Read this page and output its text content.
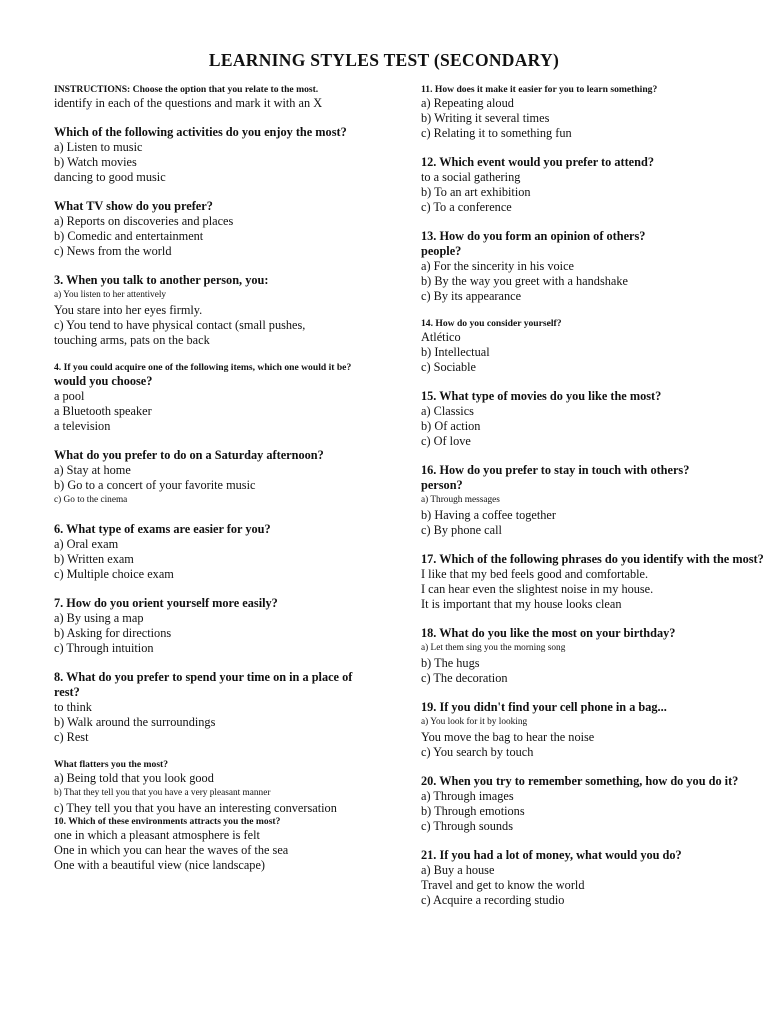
LEARNING STYLES TEST (SECONDARY)
INSTRUCTIONS: Choose the option that you relate to the most.
identify in each of the questions and mark it with an X
Which of the following activities do you enjoy the most?
a) Listen to music
b) Watch movies
dancing to good music
What TV show do you prefer?
a) Reports on discoveries and places
b) Comedic and entertainment
c) News from the world
3. When you talk to another person, you:
a) You listen to her attentively
You stare into her eyes firmly.
c) You tend to have physical contact (small pushes,
touching arms, pats on the back
4. If you could acquire one of the following items, which one would it be?
would you choose?
a pool
a Bluetooth speaker
a television
What do you prefer to do on a Saturday afternoon?
a) Stay at home
b) Go to a concert of your favorite music
c) Go to the cinema
6. What type of exams are easier for you?
a) Oral exam
b) Written exam
c) Multiple choice exam
7. How do you orient yourself more easily?
a) By using a map
b) Asking for directions
c) Through intuition
8. What do you prefer to spend your time on in a place of
rest?
to think
b) Walk around the surroundings
c) Rest
What flatters you the most?
a) Being told that you look good
b) That they tell you that you have a very pleasant manner
c) They tell you that you have an interesting conversation
10. Which of these environments attracts you the most?
one in which a pleasant atmosphere is felt
One in which you can hear the waves of the sea
One with a beautiful view (nice landscape)
11. How does it make it easier for you to learn something?
a) Repeating aloud
b) Writing it several times
c) Relating it to something fun
12. Which event would you prefer to attend?
to a social gathering
b) To an art exhibition
c) To a conference
13. How do you form an opinion of others?
people?
a) For the sincerity in his voice
b) By the way you greet with a handshake
c) By its appearance
14. How do you consider yourself?
Atlético
b) Intellectual
c) Sociable
15. What type of movies do you like the most?
a) Classics
b) Of action
c) Of love
16. How do you prefer to stay in touch with others?
person?
a) Through messages
b) Having a coffee together
c) By phone call
17. Which of the following phrases do you identify with the most?
I like that my bed feels good and comfortable.
I can hear even the slightest noise in my house.
It is important that my house looks clean
18. What do you like the most on your birthday?
a) Let them sing you the morning song
b) The hugs
c) The decoration
19. If you didn't find your cell phone in a bag...
a) You look for it by looking
You move the bag to hear the noise
c) You search by touch
20. When you try to remember something, how do you do it?
a) Through images
b) Through emotions
c) Through sounds
21. If you had a lot of money, what would you do?
a) Buy a house
Travel and get to know the world
c) Acquire a recording studio
